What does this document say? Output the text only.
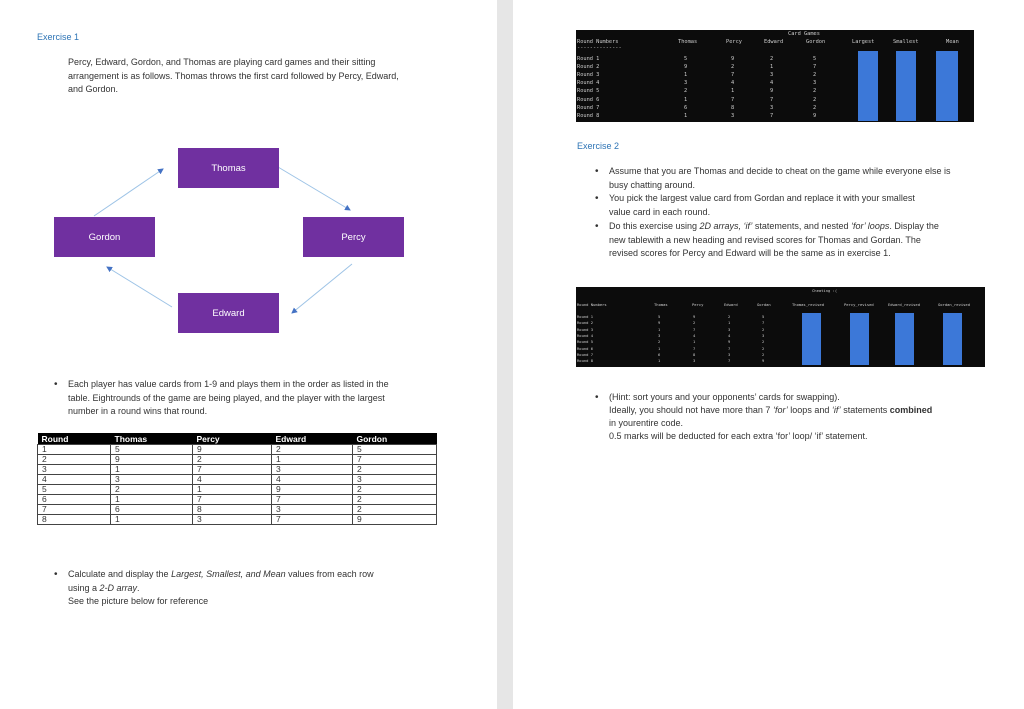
Exercise 1
Percy, Edward, Gordon, and Thomas are playing card games and their sitting
arrangement is as follows. Thomas throws the first card followed by Percy, Edward,
and Gordon.
Thomas
Gordon	Percy
Edward
• Each player has value cards from 1-9 and plays them in the order as listed in the
table. Eightrounds of the game are being played, and the player with the largest
number in a round wins that round.
Round	Thomas	Percy	Edward	Gordon
1	5	9	2	5
2	9	2	1	7
3	1	7	3	2
4	3	4	4	3
5	2	1	9	2
6	1	7	7	2
7	6	8	3	2
8	1	3	7	9
• Calculate and display the Largest, Smallest, and Mean values from each row
using a 2-D array.
See the picture below for reference
Card Games
Round Numbers	Thomas	Percy	Edward	Gordon	Largest	Smallest	Mean
--------------
Round 1	5	9	2	5
Round 2	9	2	1	7
Round 3	1	7	3	2
Round 4	3	4	4	3
Round 5	2	1	9	2
Round 6	1	7	7	2
Round 7	6	8	3	2
Round 8	1	3	7	9
Exercise 2
• Assume that you are Thomas and decide to cheat on the game while everyone else is
busy chatting around.
• You pick the largest value card from Gordan and replace it with your smallest
value card in each round.
• Do this exercise using 2D arrays, ‘if’ statements, and nested ‘for’ loops. Display the
new tablewith a new heading and revised scores for Thomas and Gordan. The
revised scores for Percy and Edward will be the same as in exercise 1.
Cheating :(
Round Numbers	Thomas	Percy	Edward	Gordan	Thomas_revised	Percy_revised	Edward_revised	Gordan_revised
Round 1	5	9	2	5
Round 2	9	2	1	7
Round 3	1	7	3	2
Round 4	3	4	4	3
Round 5	2	1	9	2
Round 6	1	7	7	2
Round 7	6	8	3	2
Round 8	1	3	7	9
• (Hint: sort yours and your opponents’ cards for swapping).
Ideally, you should not have more than 7 ‘for’ loops and ‘if’ statements combined
in yourentire code.
0.5 marks will be deducted for each extra ‘for’ loop/ ‘if’ statement.
